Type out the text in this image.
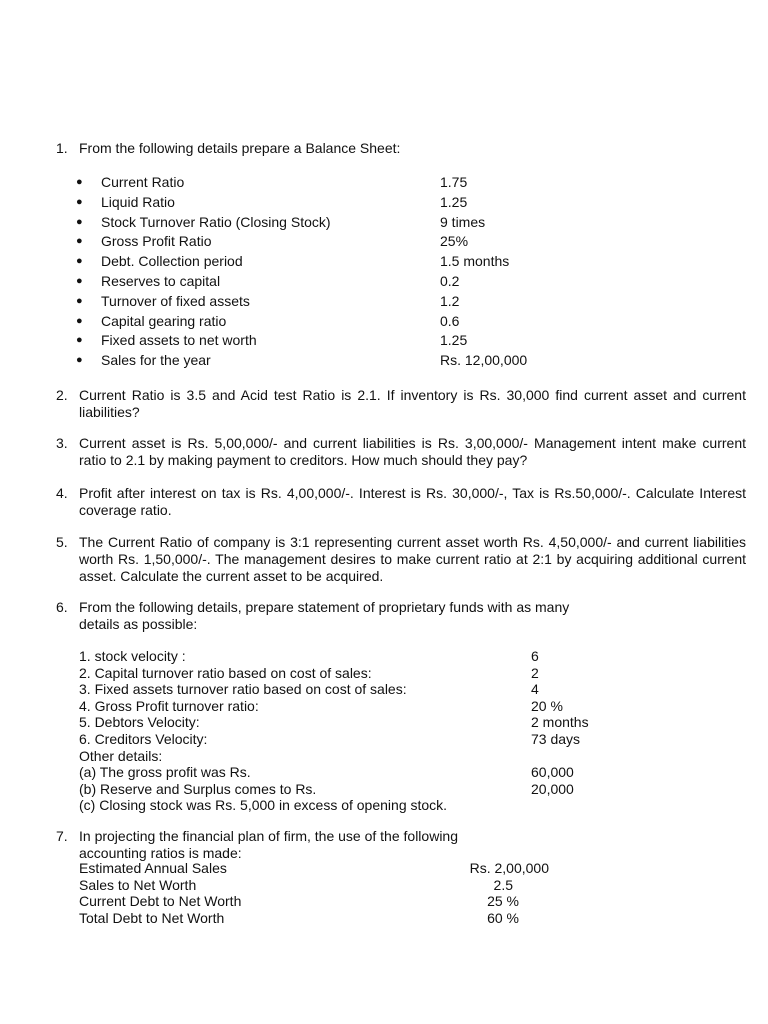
1. From the following details prepare a Balance Sheet:
● Current Ratio	1.75
● Liquid Ratio	1.25
● Stock Turnover Ratio (Closing Stock)	9 times
● Gross Profit Ratio	25%
● Debt. Collection period	1.5 months
● Reserves to capital	0.2
● Turnover of fixed assets	1.2
● Capital gearing ratio	0.6
● Fixed assets to net worth	1.25
● Sales for the year	Rs. 12,00,000
2. Current Ratio is 3.5 and Acid test Ratio is 2.1. If inventory is Rs. 30,000 find current asset and current liabilities?
3. Current asset is Rs. 5,00,000/- and current liabilities is Rs. 3,00,000/- Management intent make current ratio to 2.1 by making payment to creditors. How much should they pay?
4. Profit after interest on tax is Rs. 4,00,000/-. Interest is Rs. 30,000/-, Tax is Rs.50,000/-. Calculate Interest coverage ratio.
5. The Current Ratio of company is 3:1 representing current asset worth Rs. 4,50,000/- and current liabilities worth Rs. 1,50,000/-. The management desires to make current ratio at 2:1 by acquiring additional current asset. Calculate the current asset to be acquired.
6. From the following details, prepare statement of proprietary funds with as many details as possible:
1. stock velocity :	6
2. Capital turnover ratio based on cost of sales:	2
3. Fixed assets turnover ratio based on cost of sales:	4
4. Gross Profit turnover ratio:	20 %
5. Debtors Velocity:	2 months
6. Creditors Velocity:	73 days
Other details:
(a) The gross profit was Rs.	60,000
(b) Reserve and Surplus comes to Rs.	20,000
(c) Closing stock was Rs. 5,000 in excess of opening stock.
7. In projecting the financial plan of firm, the use of the following accounting ratios is made:
Estimated Annual Sales	Rs. 2,00,000
Sales to Net Worth	2.5
Current Debt to Net Worth	25 %
Total Debt to Net Worth	60 %
